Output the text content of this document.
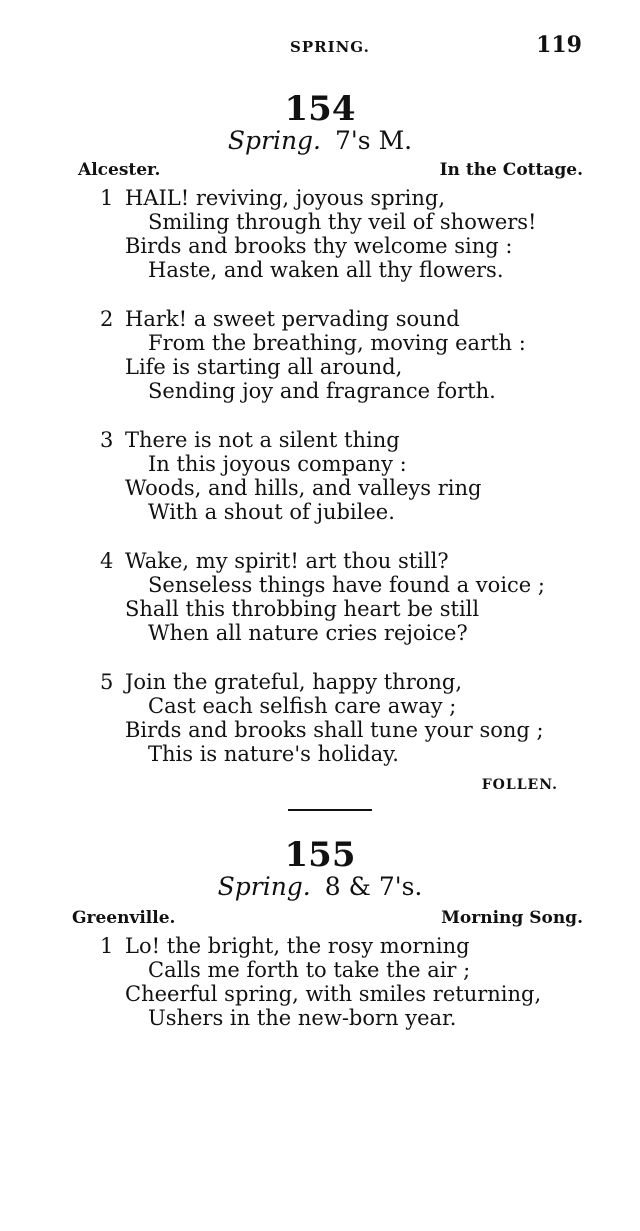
SPRING.	119
154
Spring. 7's M.
Alcester.	In the Cottage.
1 HAIL! reviving, joyous spring,
Smiling through thy veil of showers!
Birds and brooks thy welcome sing :
Haste, and waken all thy flowers.
2 Hark! a sweet pervading sound
From the breathing, moving earth :
Life is starting all around,
Sending joy and fragrance forth.
3 There is not a silent thing
In this joyous company :
Woods, and hills, and valleys ring
With a shout of jubilee.
4 Wake, my spirit! art thou still?
Senseless things have found a voice ;
Shall this throbbing heart be still
When all nature cries rejoice?
5 Join the grateful, happy throng,
Cast each selfish care away ;
Birds and brooks shall tune your song ;
This is nature's holiday.
FOLLEN.
155
Spring. 8 & 7's.
Greenville.	Morning Song.
1 Lo! the bright, the rosy morning
Calls me forth to take the air ;
Cheerful spring, with smiles returning,
Ushers in the new-born year.
